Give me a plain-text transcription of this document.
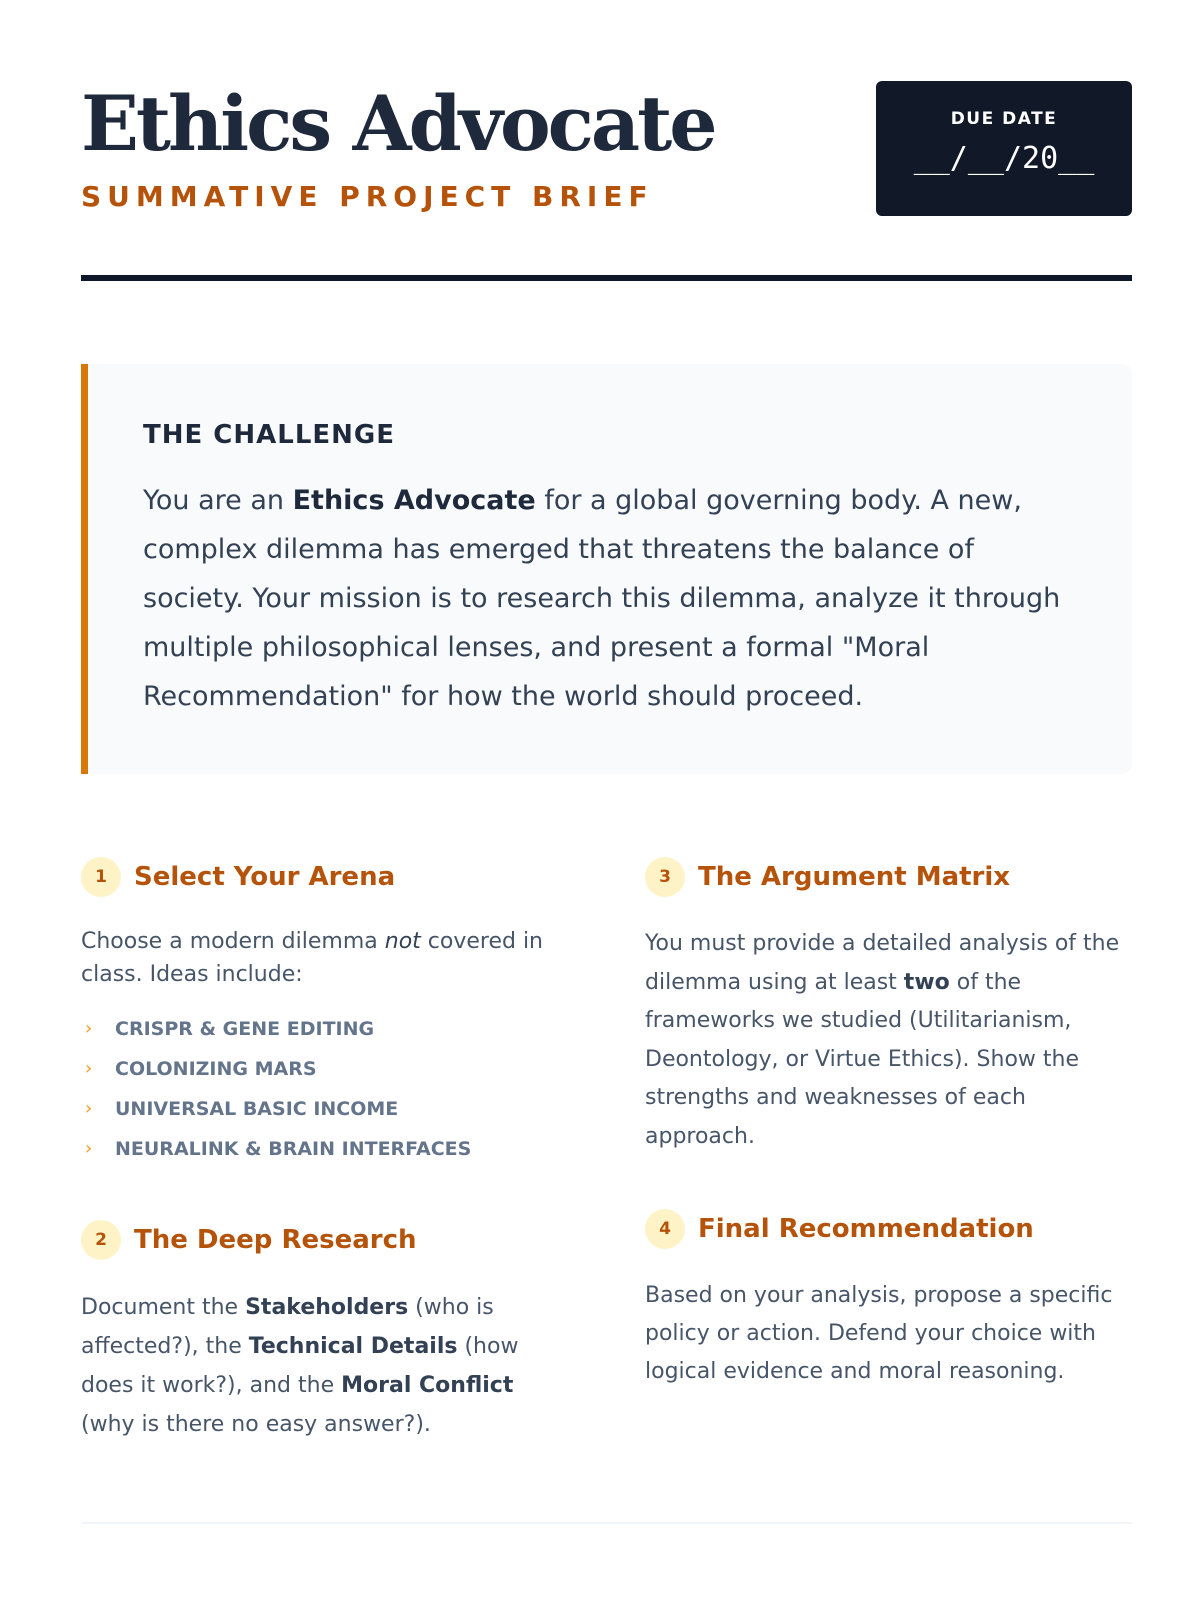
Ethics Advocate
SUMMATIVE PROJECT BRIEF
DUE DATE
__/__/20__
THE CHALLENGE

You are an Ethics Advocate for a global governing body. A new, complex dilemma has emerged that threatens the balance of society. Your mission is to research this dilemma, analyze it through multiple philosophical lenses, and present a formal "Moral Recommendation" for how the world should proceed.

1	Select Your Arena

Choose a modern dilemma not covered in class. Ideas include:

› CRISPR & GENE EDITING
› COLONIZING MARS
› UNIVERSAL BASIC INCOME
› NEURALINK & BRAIN INTERFACES
2	The Deep Research

Document the Stakeholders (who is affected?), the Technical Details (how does it work?), and the Moral Conflict (why is there no easy answer?).

3	The Argument Matrix

You must provide a detailed analysis of the dilemma using at least two of the frameworks we studied (Utilitarianism, Deontology, or Virtue Ethics). Show the strengths and weaknesses of each approach.

4	Final Recommendation

Based on your analysis, propose a specific policy or action. Defend your choice with logical evidence and moral reasoning.
